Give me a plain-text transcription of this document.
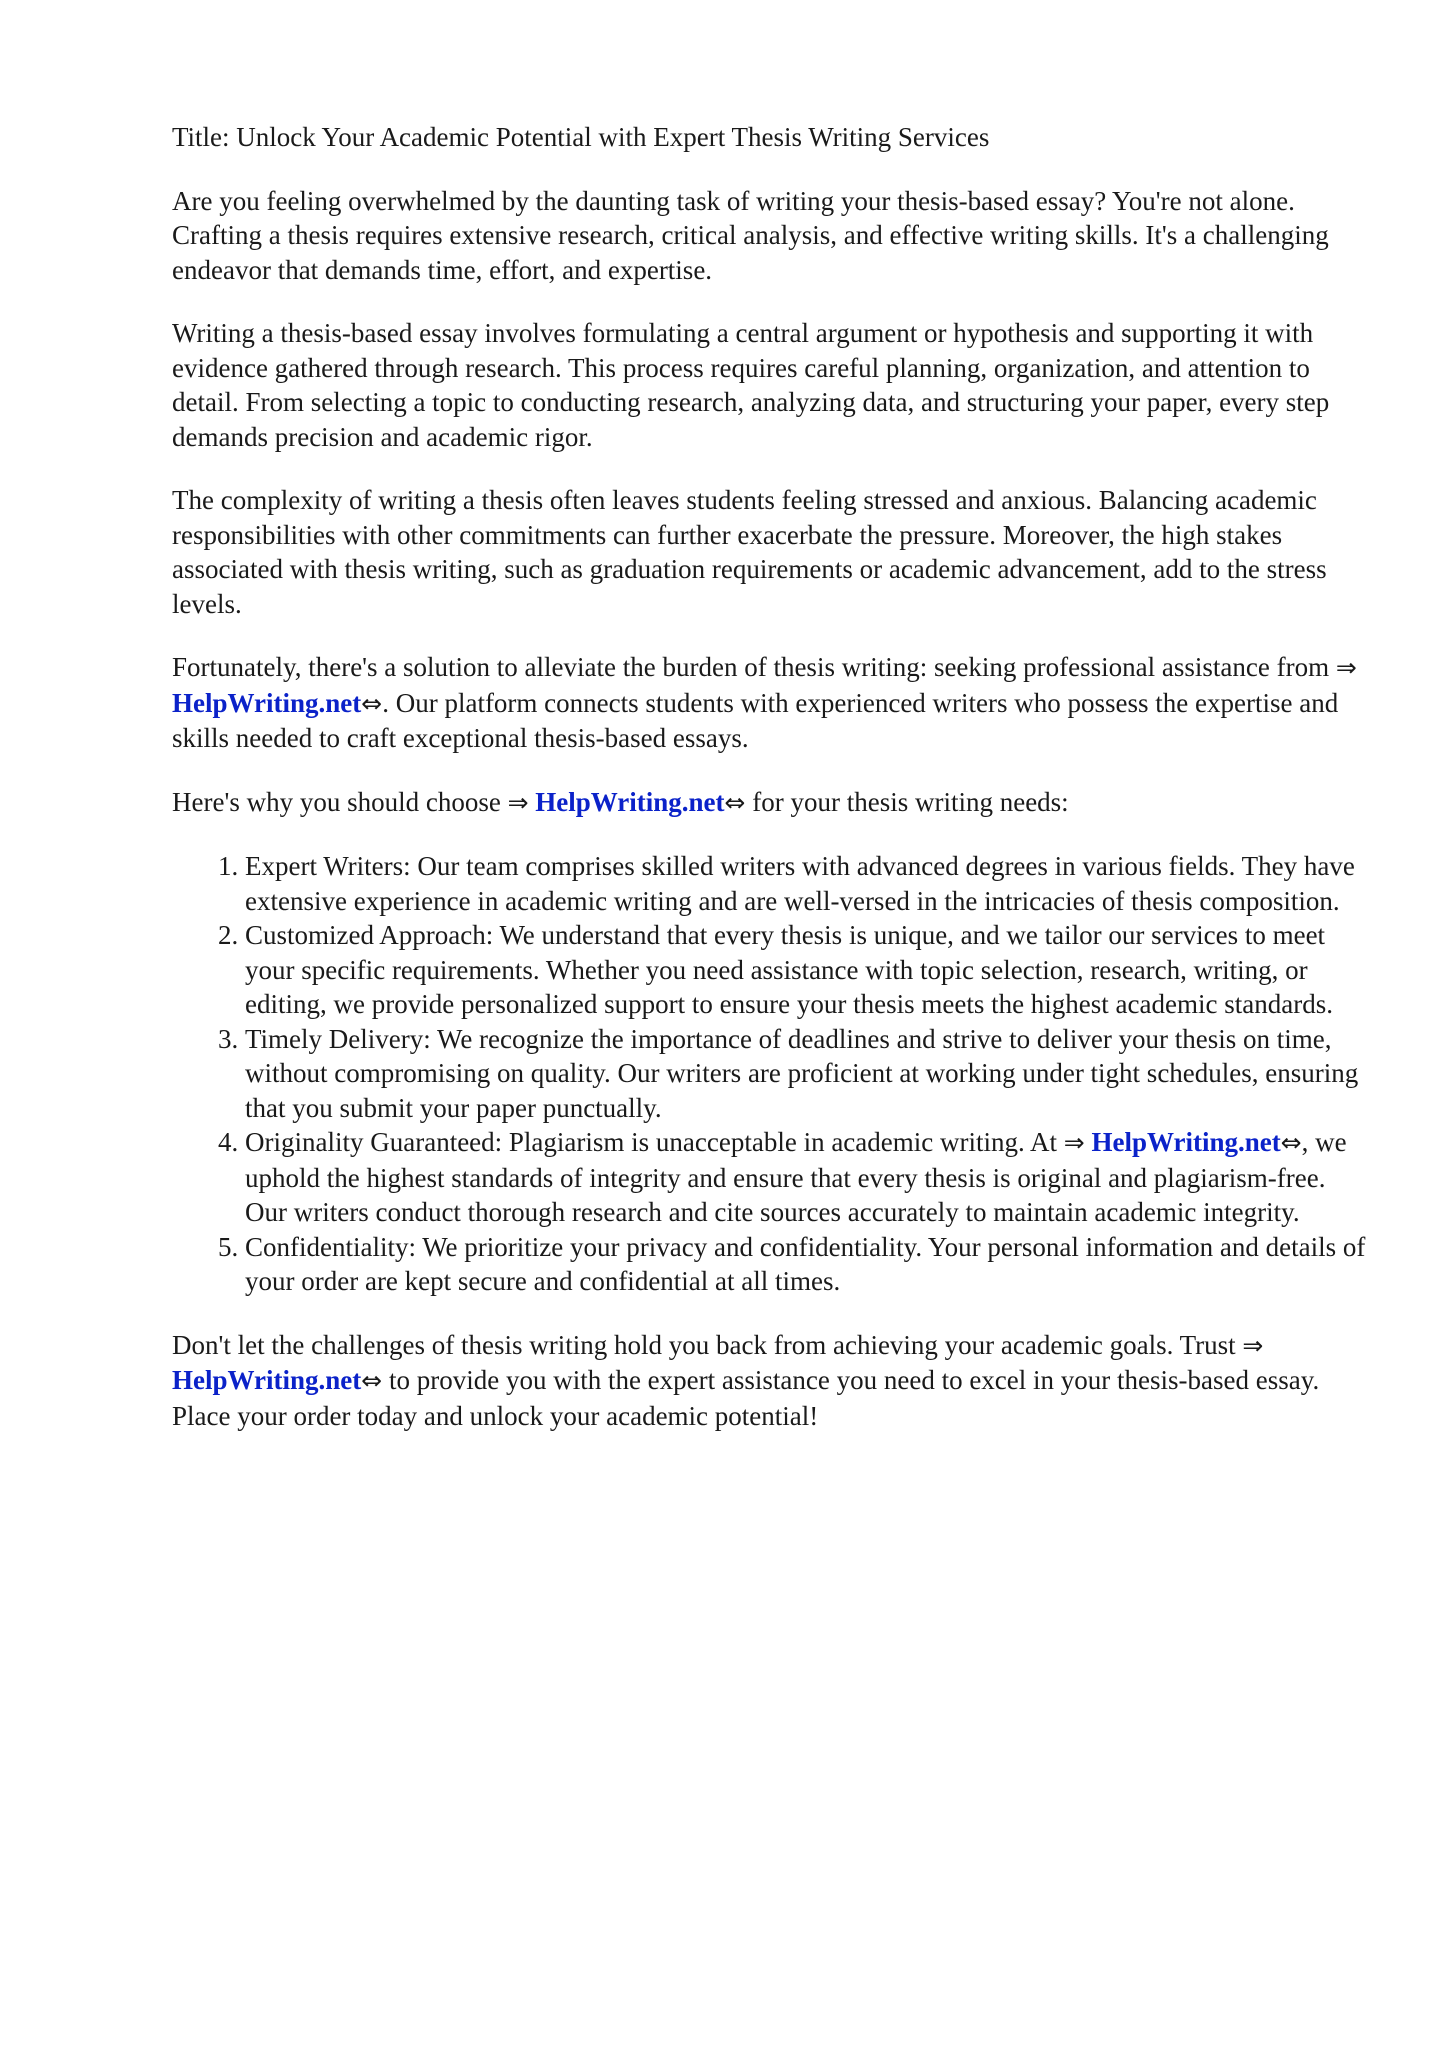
Title: Unlock Your Academic Potential with Expert Thesis Writing Services

Are you feeling overwhelmed by the daunting task of writing your thesis-based essay? You're not alone. Crafting a thesis requires extensive research, critical analysis, and effective writing skills. It's a challenging endeavor that demands time, effort, and expertise.

Writing a thesis-based essay involves formulating a central argument or hypothesis and supporting it with evidence gathered through research. This process requires careful planning, organization, and attention to detail. From selecting a topic to conducting research, analyzing data, and structuring your paper, every step demands precision and academic rigor.

The complexity of writing a thesis often leaves students feeling stressed and anxious. Balancing academic responsibilities with other commitments can further exacerbate the pressure. Moreover, the high stakes associated with thesis writing, such as graduation requirements or academic advancement, add to the stress levels.

Fortunately, there's a solution to alleviate the burden of thesis writing: seeking professional assistance from ⇒ HelpWriting.net⇔. Our platform connects students with experienced writers who possess the expertise and skills needed to craft exceptional thesis-based essays.

Here's why you should choose ⇒ HelpWriting.net⇔ for your thesis writing needs:

1. Expert Writers: Our team comprises skilled writers with advanced degrees in various fields. They have extensive experience in academic writing and are well-versed in the intricacies of thesis composition.
2. Customized Approach: We understand that every thesis is unique, and we tailor our services to meet your specific requirements. Whether you need assistance with topic selection, research, writing, or editing, we provide personalized support to ensure your thesis meets the highest academic standards.
3. Timely Delivery: We recognize the importance of deadlines and strive to deliver your thesis on time, without compromising on quality. Our writers are proficient at working under tight schedules, ensuring that you submit your paper punctually.
4. Originality Guaranteed: Plagiarism is unacceptable in academic writing. At ⇒ HelpWriting.net⇔, we uphold the highest standards of integrity and ensure that every thesis is original and plagiarism-free. Our writers conduct thorough research and cite sources accurately to maintain academic integrity.
5. Confidentiality: We prioritize your privacy and confidentiality. Your personal information and details of your order are kept secure and confidential at all times.

Don't let the challenges of thesis writing hold you back from achieving your academic goals. Trust ⇒ HelpWriting.net⇔ to provide you with the expert assistance you need to excel in your thesis-based essay. Place your order today and unlock your academic potential!
